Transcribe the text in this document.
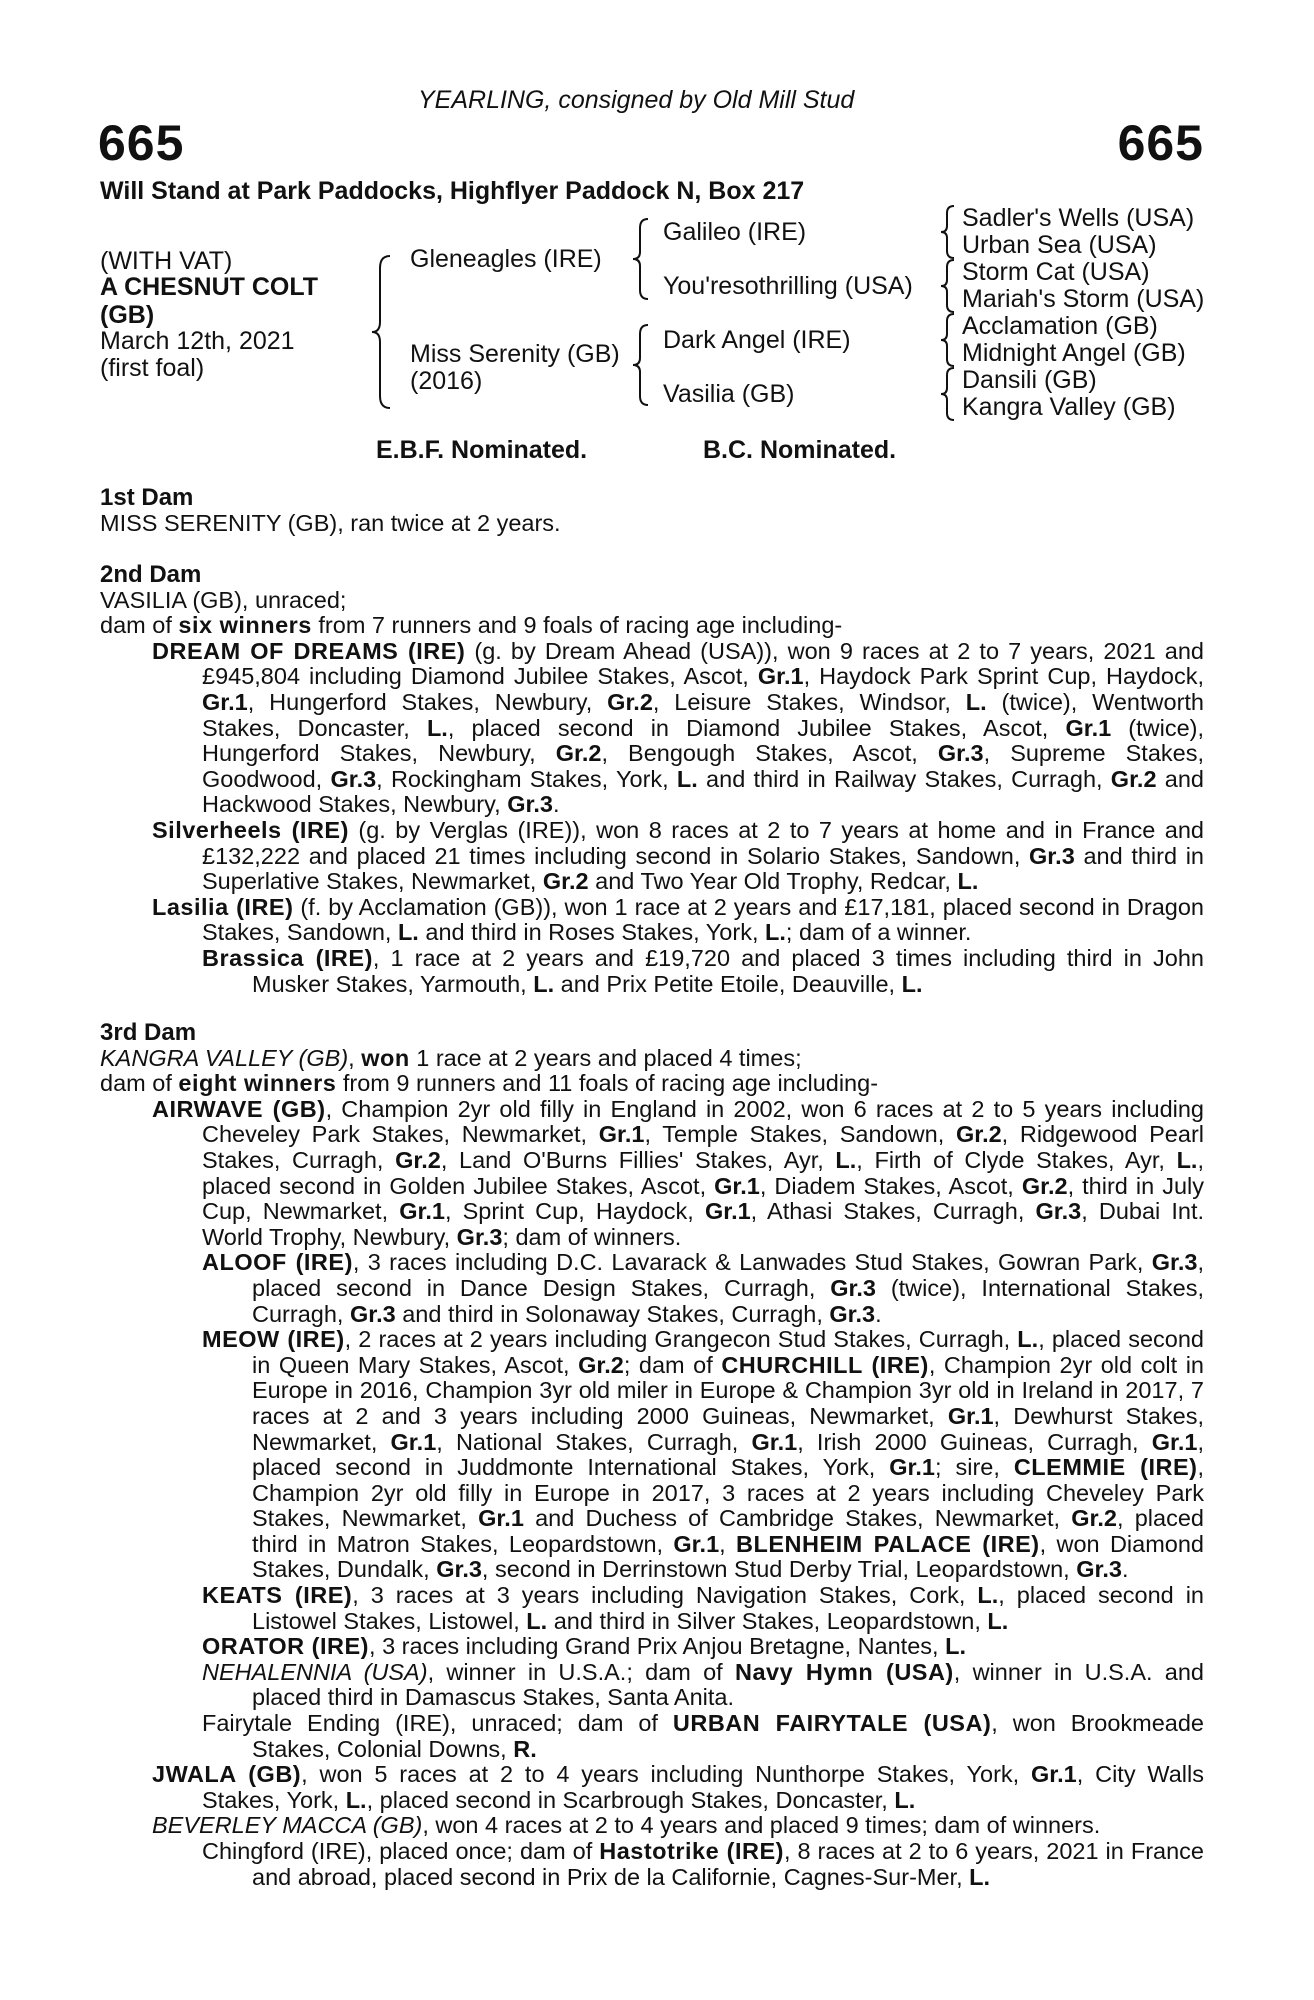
YEARLING, consigned by Old Mill Stud
665	665
Will Stand at Park Paddocks, Highflyer Paddock N, Box 217
(WITH VAT)
A CHESNUT COLT
(GB)
March 12th, 2021
(first foal)
Gleneagles (IRE)
Miss Serenity (GB)
(2016)
Galileo (IRE)
You'resothrilling (USA)
Dark Angel (IRE)
Vasilia (GB)
Sadler's Wells (USA)
Urban Sea (USA)
Storm Cat (USA)
Mariah's Storm (USA)
Acclamation (GB)
Midnight Angel (GB)
Dansili (GB)
Kangra Valley (GB)
E.B.F. Nominated.	B.C. Nominated.

1st Dam

MISS SERENITY (GB), ran twice at 2 years.

2nd Dam

VASILIA (GB), unraced;

dam of six winners from 7 runners and 9 foals of racing age including-

DREAM OF DREAMS (IRE) (g. by Dream Ahead (USA)), won 9 races at 2 to 7 years, 2021 and £945,804 including Diamond Jubilee Stakes, Ascot, Gr.1, Haydock Park Sprint Cup, Haydock, Gr.1, Hungerford Stakes, Newbury, Gr.2, Leisure Stakes, Windsor, L. (twice), Wentworth Stakes, Doncaster, L., placed second in Diamond Jubilee Stakes, Ascot, Gr.1 (twice), Hungerford Stakes, Newbury, Gr.2, Bengough Stakes, Ascot, Gr.3, Supreme Stakes, Goodwood, Gr.3, Rockingham Stakes, York, L. and third in Railway Stakes, Curragh, Gr.2 and Hackwood Stakes, Newbury, Gr.3.

Silverheels (IRE) (g. by Verglas (IRE)), won 8 races at 2 to 7 years at home and in France and £132,222 and placed 21 times including second in Solario Stakes, Sandown, Gr.3 and third in Superlative Stakes, Newmarket, Gr.2 and Two Year Old Trophy, Redcar, L.

Lasilia (IRE) (f. by Acclamation (GB)), won 1 race at 2 years and £17,181, placed second in Dragon Stakes, Sandown, L. and third in Roses Stakes, York, L.; dam of a winner.

Brassica (IRE), 1 race at 2 years and £19,720 and placed 3 times including third in John Musker Stakes, Yarmouth, L. and Prix Petite Etoile, Deauville, L.

3rd Dam

KANGRA VALLEY (GB), won 1 race at 2 years and placed 4 times;

dam of eight winners from 9 runners and 11 foals of racing age including-

AIRWAVE (GB), Champion 2yr old filly in England in 2002, won 6 races at 2 to 5 years including Cheveley Park Stakes, Newmarket, Gr.1, Temple Stakes, Sandown, Gr.2, Ridgewood Pearl Stakes, Curragh, Gr.2, Land O'Burns Fillies' Stakes, Ayr, L., Firth of Clyde Stakes, Ayr, L., placed second in Golden Jubilee Stakes, Ascot, Gr.1, Diadem Stakes, Ascot, Gr.2, third in July Cup, Newmarket, Gr.1, Sprint Cup, Haydock, Gr.1, Athasi Stakes, Curragh, Gr.3, Dubai Int. World Trophy, Newbury, Gr.3; dam of winners.

ALOOF (IRE), 3 races including D.C. Lavarack & Lanwades Stud Stakes, Gowran Park, Gr.3, placed second in Dance Design Stakes, Curragh, Gr.3 (twice), International Stakes, Curragh, Gr.3 and third in Solonaway Stakes, Curragh, Gr.3.

MEOW (IRE), 2 races at 2 years including Grangecon Stud Stakes, Curragh, L., placed second in Queen Mary Stakes, Ascot, Gr.2; dam of CHURCHILL (IRE), Champion 2yr old colt in Europe in 2016, Champion 3yr old miler in Europe & Champion 3yr old in Ireland in 2017, 7 races at 2 and 3 years including 2000 Guineas, Newmarket, Gr.1, Dewhurst Stakes, Newmarket, Gr.1, National Stakes, Curragh, Gr.1, Irish 2000 Guineas, Curragh, Gr.1, placed second in Juddmonte International Stakes, York, Gr.1; sire, CLEMMIE (IRE), Champion 2yr old filly in Europe in 2017, 3 races at 2 years including Cheveley Park Stakes, Newmarket, Gr.1 and Duchess of Cambridge Stakes, Newmarket, Gr.2, placed third in Matron Stakes, Leopardstown, Gr.1, BLENHEIM PALACE (IRE), won Diamond Stakes, Dundalk, Gr.3, second in Derrinstown Stud Derby Trial, Leopardstown, Gr.3.

KEATS (IRE), 3 races at 3 years including Navigation Stakes, Cork, L., placed second in Listowel Stakes, Listowel, L. and third in Silver Stakes, Leopardstown, L.

ORATOR (IRE), 3 races including Grand Prix Anjou Bretagne, Nantes, L.

NEHALENNIA (USA), winner in U.S.A.; dam of Navy Hymn (USA), winner in U.S.A. and placed third in Damascus Stakes, Santa Anita.

Fairytale Ending (IRE), unraced; dam of URBAN FAIRYTALE (USA), won Brookmeade Stakes, Colonial Downs, R.

JWALA (GB), won 5 races at 2 to 4 years including Nunthorpe Stakes, York, Gr.1, City Walls Stakes, York, L., placed second in Scarbrough Stakes, Doncaster, L.

BEVERLEY MACCA (GB), won 4 races at 2 to 4 years and placed 9 times; dam of winners.

Chingford (IRE), placed once; dam of Hastotrike (IRE), 8 races at 2 to 6 years, 2021 in France and abroad, placed second in Prix de la Californie, Cagnes-Sur-Mer, L.
